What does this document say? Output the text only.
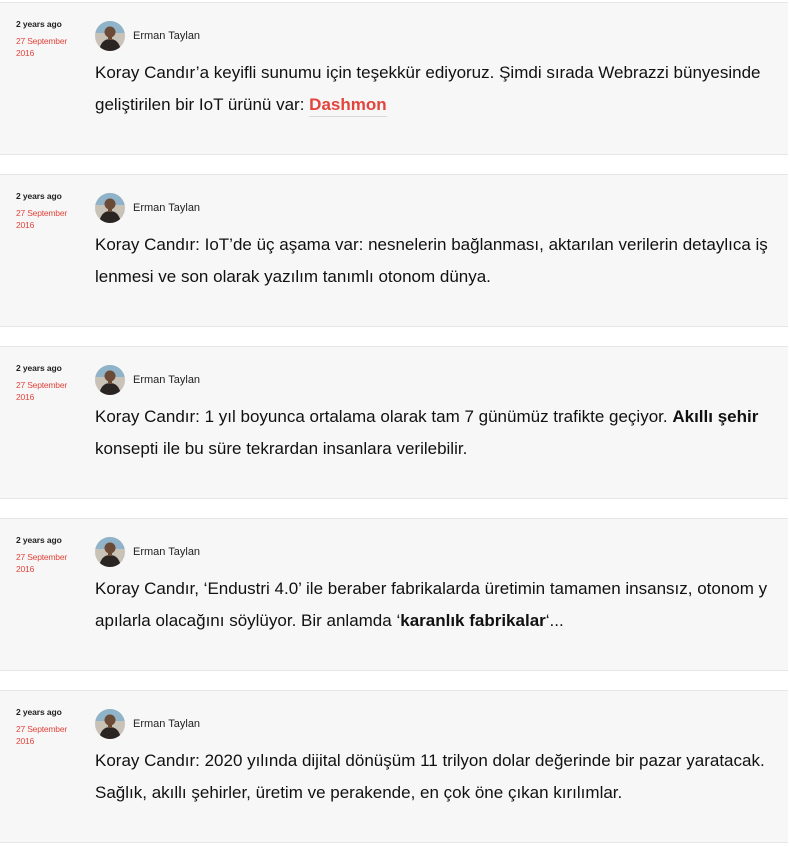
2 years ago
27 September
2016
Erman Taylan
Koray Candır’a keyifli sunumu için teşekkür ediyoruz. Şimdi sırada Webrazzi bünyesinde geliştirilen bir IoT ürünü var: Dashmon
2 years ago
27 September
2016
Erman Taylan
Koray Candır: IoT’de üç aşama var: nesnelerin bağlanması, aktarılan verilerin detaylıca işlenmesi ve son olarak yazılım tanımlı otonom dünya.
2 years ago
27 September
2016
Erman Taylan
Koray Candır: 1 yıl boyunca ortalama olarak tam 7 günümüz trafikte geçiyor. Akıllı şehir konsepti ile bu süre tekrardan insanlara verilebilir.
2 years ago
27 September
2016
Erman Taylan
Koray Candır, ‘Endustri 4.0’ ile beraber fabrikalarda üretimin tamamen insansız, otonom yapılarla olacağını söylüyor. Bir anlamda ‘karanlık fabrikalar‘...
2 years ago
27 September
2016
Erman Taylan
Koray Candır: 2020 yılında dijital dönüşüm 11 trilyon dolar değerinde bir pazar yaratacak. Sağlık, akıllı şehirler, üretim ve perakende, en çok öne çıkan kırılımlar.
